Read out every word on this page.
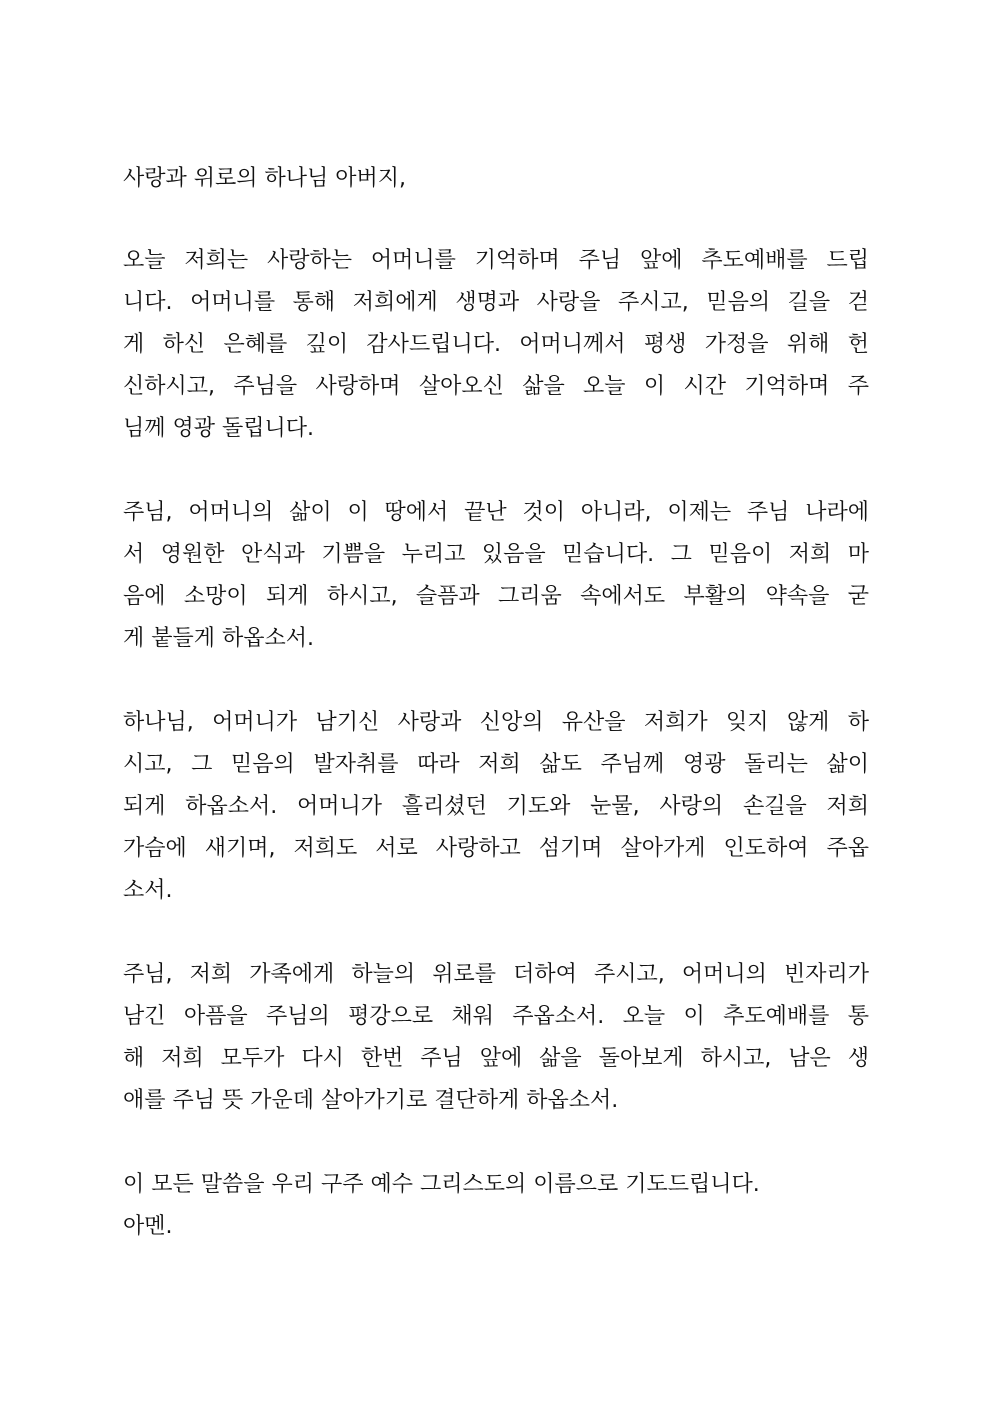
사랑과 위로의 하나님 아버지,
오늘 저희는 사랑하는 어머니를 기억하며 주님 앞에 추도예배를 드립
니다. 어머니를 통해 저희에게 생명과 사랑을 주시고, 믿음의 길을 걷
게 하신 은혜를 깊이 감사드립니다. 어머니께서 평생 가정을 위해 헌
신하시고, 주님을 사랑하며 살아오신 삶을 오늘 이 시간 기억하며 주
님께 영광 돌립니다.
주님, 어머니의 삶이 이 땅에서 끝난 것이 아니라, 이제는 주님 나라에
서 영원한 안식과 기쁨을 누리고 있음을 믿습니다. 그 믿음이 저희 마
음에 소망이 되게 하시고, 슬픔과 그리움 속에서도 부활의 약속을 굳
게 붙들게 하옵소서.
하나님, 어머니가 남기신 사랑과 신앙의 유산을 저희가 잊지 않게 하
시고, 그 믿음의 발자취를 따라 저희 삶도 주님께 영광 돌리는 삶이
되게 하옵소서. 어머니가 흘리셨던 기도와 눈물, 사랑의 손길을 저희
가슴에 새기며, 저희도 서로 사랑하고 섬기며 살아가게 인도하여 주옵
소서.
주님, 저희 가족에게 하늘의 위로를 더하여 주시고, 어머니의 빈자리가
남긴 아픔을 주님의 평강으로 채워 주옵소서. 오늘 이 추도예배를 통
해 저희 모두가 다시 한번 주님 앞에 삶을 돌아보게 하시고, 남은 생
애를 주님 뜻 가운데 살아가기로 결단하게 하옵소서.
이 모든 말씀을 우리 구주 예수 그리스도의 이름으로 기도드립니다.
아멘.
